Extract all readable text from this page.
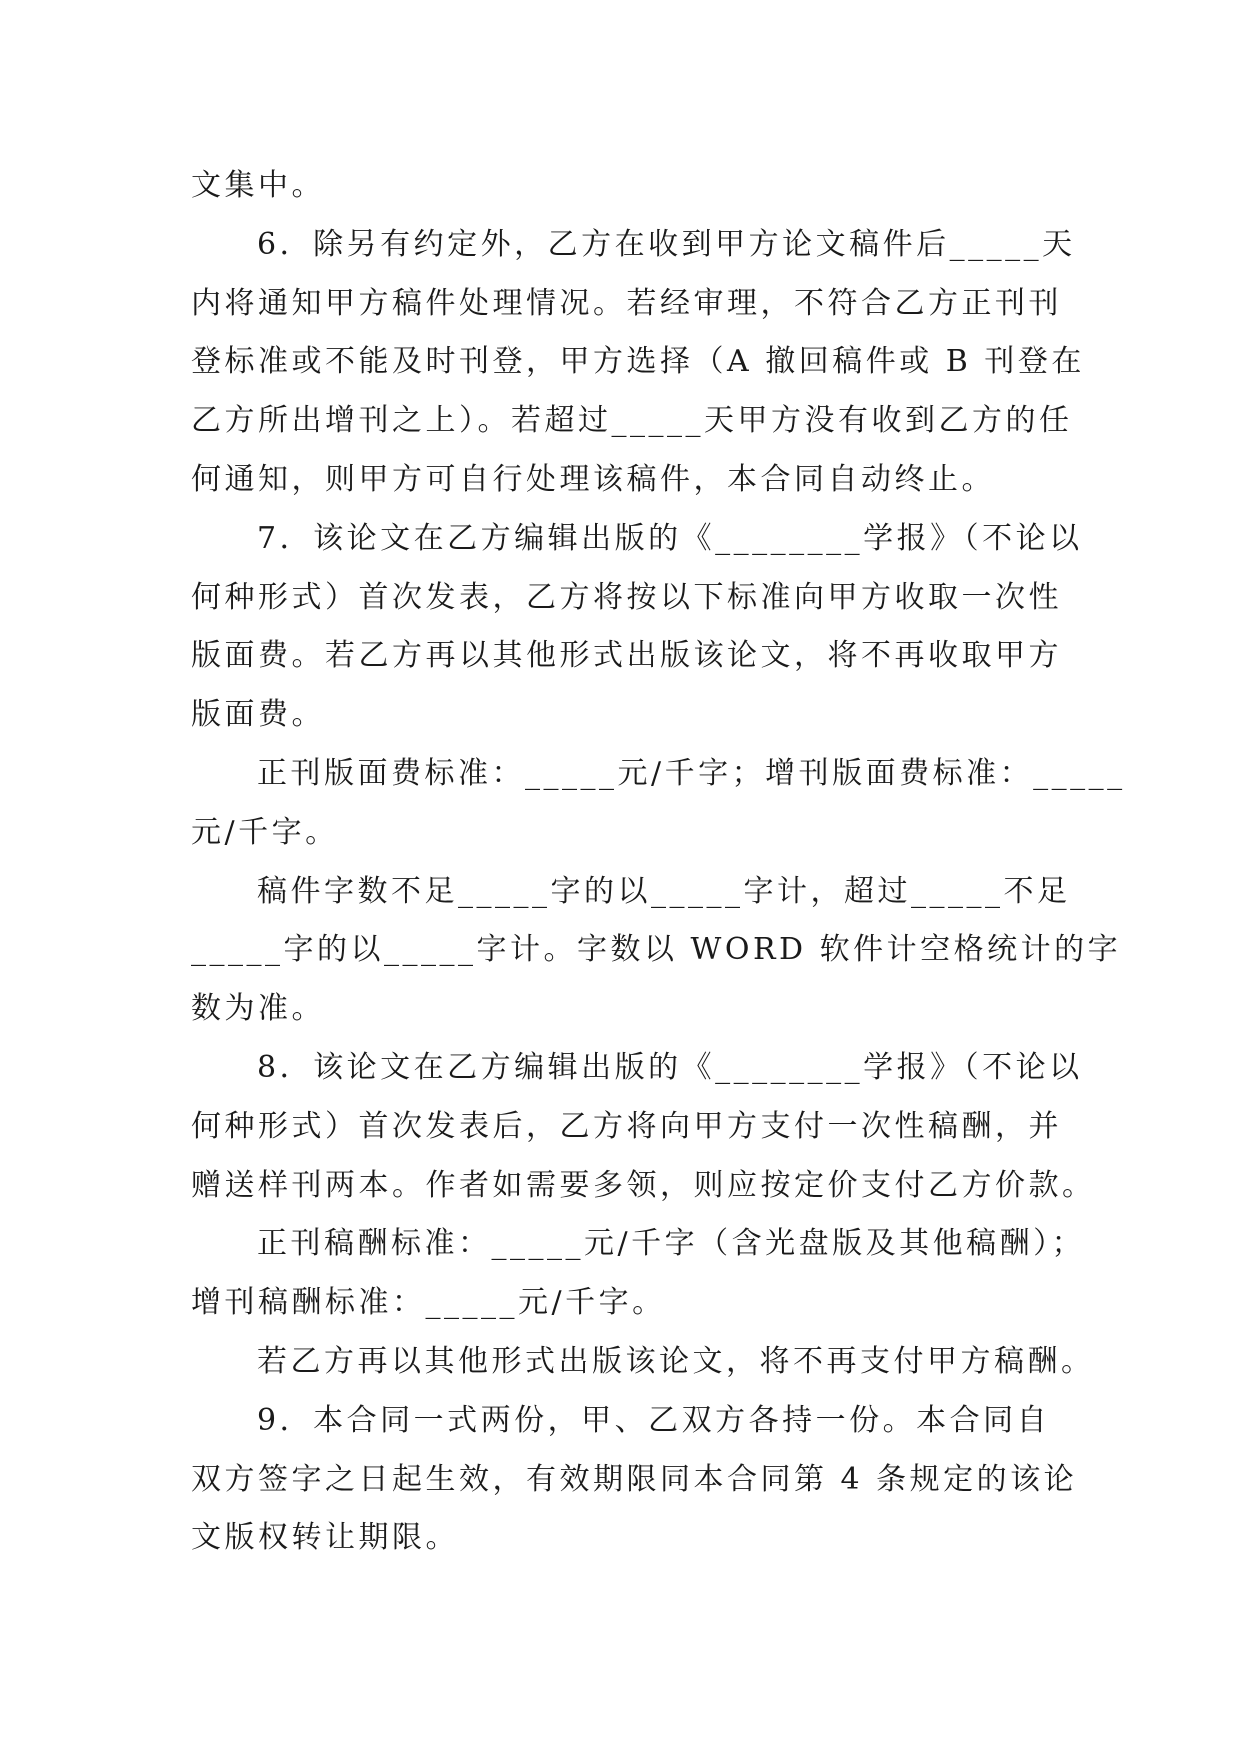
文集中。
6．除另有约定外，乙方在收到甲方论文稿件后_____天
内将通知甲方稿件处理情况。若经审理，不符合乙方正刊刊
登标准或不能及时刊登，甲方选择（A 撤回稿件或 B 刊登在
乙方所出增刊之上）。若超过_____天甲方没有收到乙方的任
何通知，则甲方可自行处理该稿件，本合同自动终止。
7．该论文在乙方编辑出版的《________学报》（不论以
何种形式）首次发表，乙方将按以下标准向甲方收取一次性
版面费。若乙方再以其他形式出版该论文，将不再收取甲方
版面费。
正刊版面费标准：_____元/千字；增刊版面费标准：_____
元/千字。
稿件字数不足_____字的以_____字计，超过_____不足
_____字的以_____字计。字数以 WORD 软件计空格统计的字
数为准。
8．该论文在乙方编辑出版的《________学报》（不论以
何种形式）首次发表后，乙方将向甲方支付一次性稿酬，并
赠送样刊两本。作者如需要多领，则应按定价支付乙方价款。
正刊稿酬标准：_____元/千字（含光盘版及其他稿酬）；
增刊稿酬标准：_____元/千字。
若乙方再以其他形式出版该论文，将不再支付甲方稿酬。
9．本合同一式两份，甲、乙双方各持一份。本合同自
双方签字之日起生效，有效期限同本合同第 4 条规定的该论
文版权转让期限。
